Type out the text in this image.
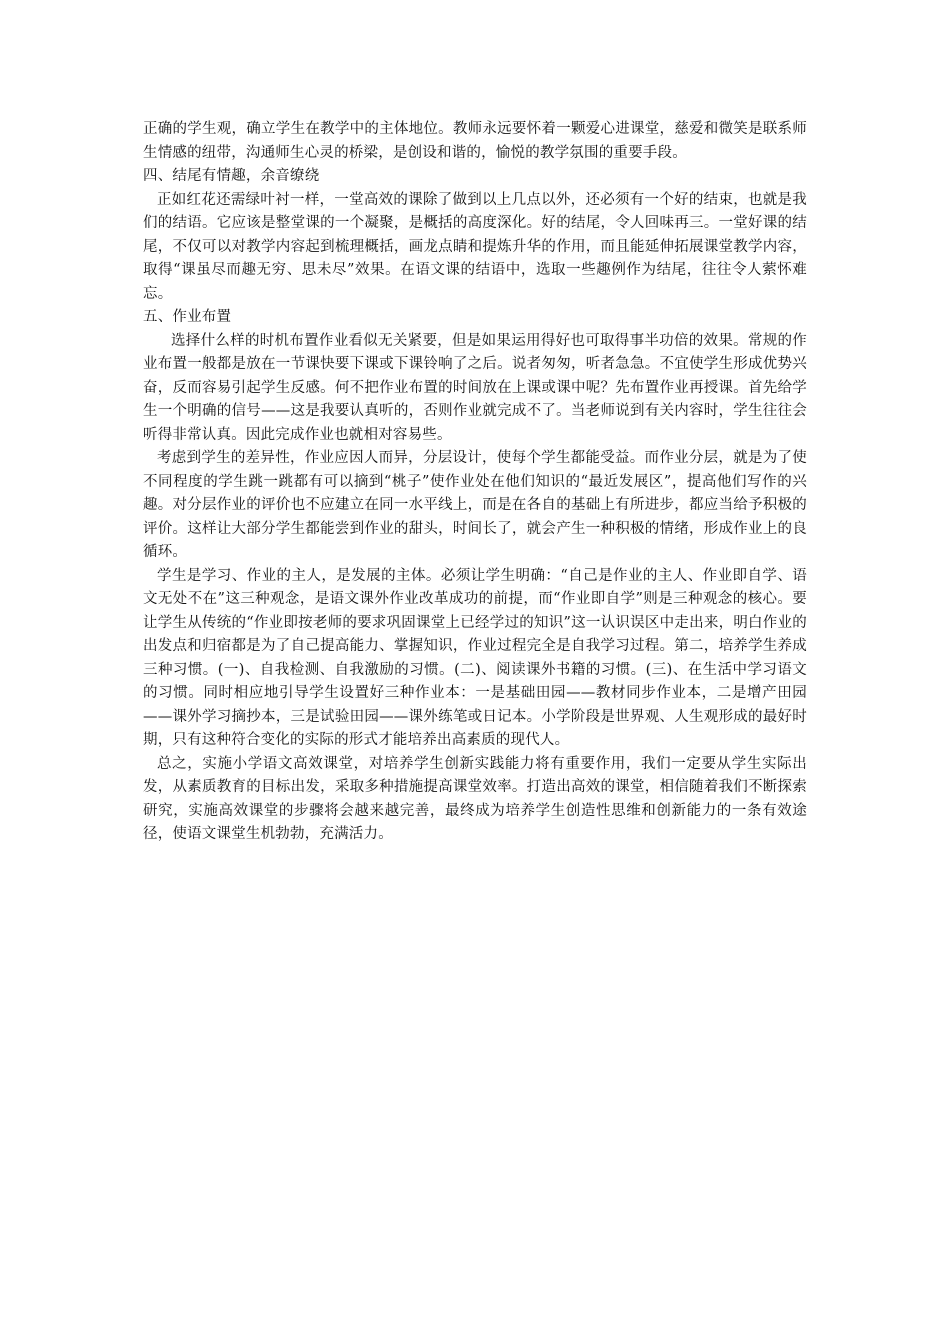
正确的学生观，确立学生在教学中的主体地位。教师永远要怀着一颗爱心进课堂，慈爱和微笑是联系师生情感的纽带，沟通师生心灵的桥梁，是创设和谐的，愉悦的教学氛围的重要手段。

四、结尾有情趣，余音缭绕

正如红花还需绿叶衬一样，一堂高效的课除了做到以上几点以外，还必须有一个好的结束，也就是我们的结语。它应该是整堂课的一个凝聚，是概括的高度深化。好的结尾，令人回味再三。一堂好课的结尾，不仅可以对教学内容起到梳理概括，画龙点睛和提炼升华的作用，而且能延伸拓展课堂教学内容，取得“课虽尽而趣无穷、思未尽”效果。在语文课的结语中，选取一些趣例作为结尾，往往令人萦怀难忘。

五、作业布置

选择什么样的时机布置作业看似无关紧要，但是如果运用得好也可取得事半功倍的效果。常规的作业布置一般都是放在一节课快要下课或下课铃响了之后。说者匆匆，听者急急。不宜使学生形成优势兴奋，反而容易引起学生反感。何不把作业布置的时间放在上课或课中呢？先布置作业再授课。首先给学生一个明确的信号——这是我要认真听的，否则作业就完成不了。当老师说到有关内容时，学生往往会听得非常认真。因此完成作业也就相对容易些。

考虑到学生的差异性，作业应因人而异，分层设计，使每个学生都能受益。而作业分层，就是为了使不同程度的学生跳一跳都有可以摘到“桃子”使作业处在他们知识的“最近发展区”，提高他们写作的兴趣。对分层作业的评价也不应建立在同一水平线上，而是在各自的基础上有所进步，都应当给予积极的评价。这样让大部分学生都能尝到作业的甜头，时间长了，就会产生一种积极的情绪，形成作业上的良循环。

学生是学习、作业的主人，是发展的主体。必须让学生明确：“自己是作业的主人、作业即自学、语文无处不在”这三种观念，是语文课外作业改革成功的前提，而“作业即自学”则是三种观念的核心。要让学生从传统的“作业即按老师的要求巩固课堂上已经学过的知识”这一认识误区中走出来，明白作业的出发点和归宿都是为了自己提高能力、掌握知识，作业过程完全是自我学习过程。第二，培养学生养成三种习惯。(一)、自我检测、自我激励的习惯。(二)、阅读课外书籍的习惯。(三)、在生活中学习语文的习惯。同时相应地引导学生设置好三种作业本：一是基础田园——教材同步作业本，二是增产田园——课外学习摘抄本，三是试验田园——课外练笔或日记本。小学阶段是世界观、人生观形成的最好时期，只有这种符合变化的实际的形式才能培养出高素质的现代人。

总之，实施小学语文高效课堂，对培养学生创新实践能力将有重要作用，我们一定要从学生实际出发，从素质教育的目标出发，采取多种措施提高课堂效率。打造出高效的课堂，相信随着我们不断探索研究，实施高效课堂的步骤将会越来越完善，最终成为培养学生创造性思维和创新能力的一条有效途径，使语文课堂生机勃勃，充满活力。
